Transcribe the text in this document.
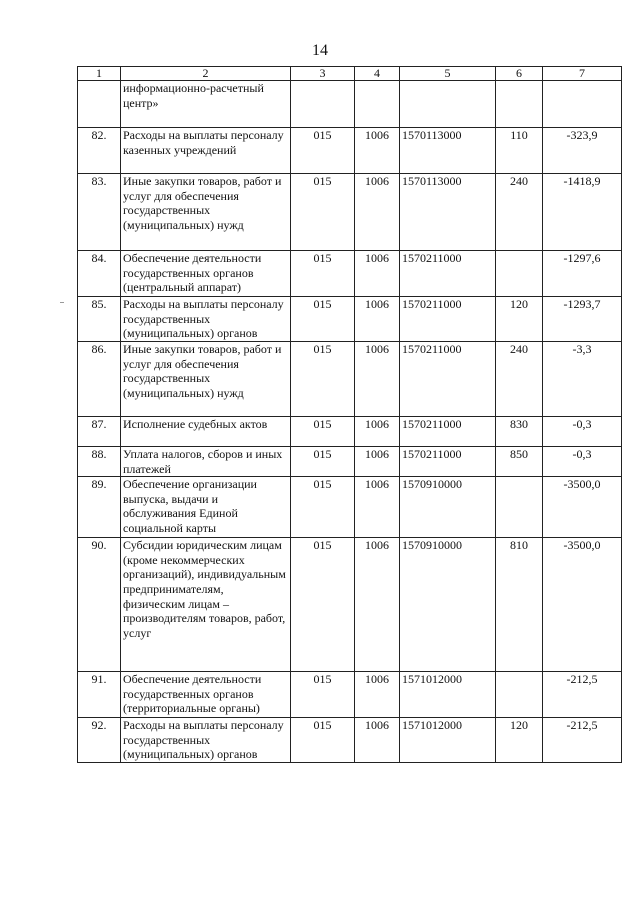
14
1	2	3	4	5	6	7
	информационно-расчетный центр»					
82.	Расходы на выплаты персоналу казенных учреждений	015	1006	1570113000	110	-323,9
83.	Иные закупки товаров, работ и услуг для обеспечения государственных (муниципальных) нужд	015	1006	1570113000	240	-1418,9
84.	Обеспечение деятельности государственных органов (центральный аппарат)	015	1006	1570211000		-1297,6
85.	Расходы на выплаты персоналу государственных (муниципальных) органов	015	1006	1570211000	120	-1293,7
86.	Иные закупки товаров, работ и услуг для обеспечения государственных (муниципальных) нужд	015	1006	1570211000	240	-3,3
87.	Исполнение судебных актов	015	1006	1570211000	830	-0,3
88.	Уплата налогов, сборов и иных платежей	015	1006	1570211000	850	-0,3
89.	Обеспечение организации выпуска, выдачи и обслуживания Единой социальной карты	015	1006	1570910000		-3500,0
90.	Субсидии юридическим лицам (кроме некоммерческих организаций), индивидуальным предпринимателям, физическим лицам – производителям товаров, работ, услуг	015	1006	1570910000	810	-3500,0
91.	Обеспечение деятельности государственных органов (территориальные органы)	015	1006	1571012000		-212,5
92.	Расходы на выплаты персоналу государственных (муниципальных) органов	015	1006	1571012000	120	-212,5
